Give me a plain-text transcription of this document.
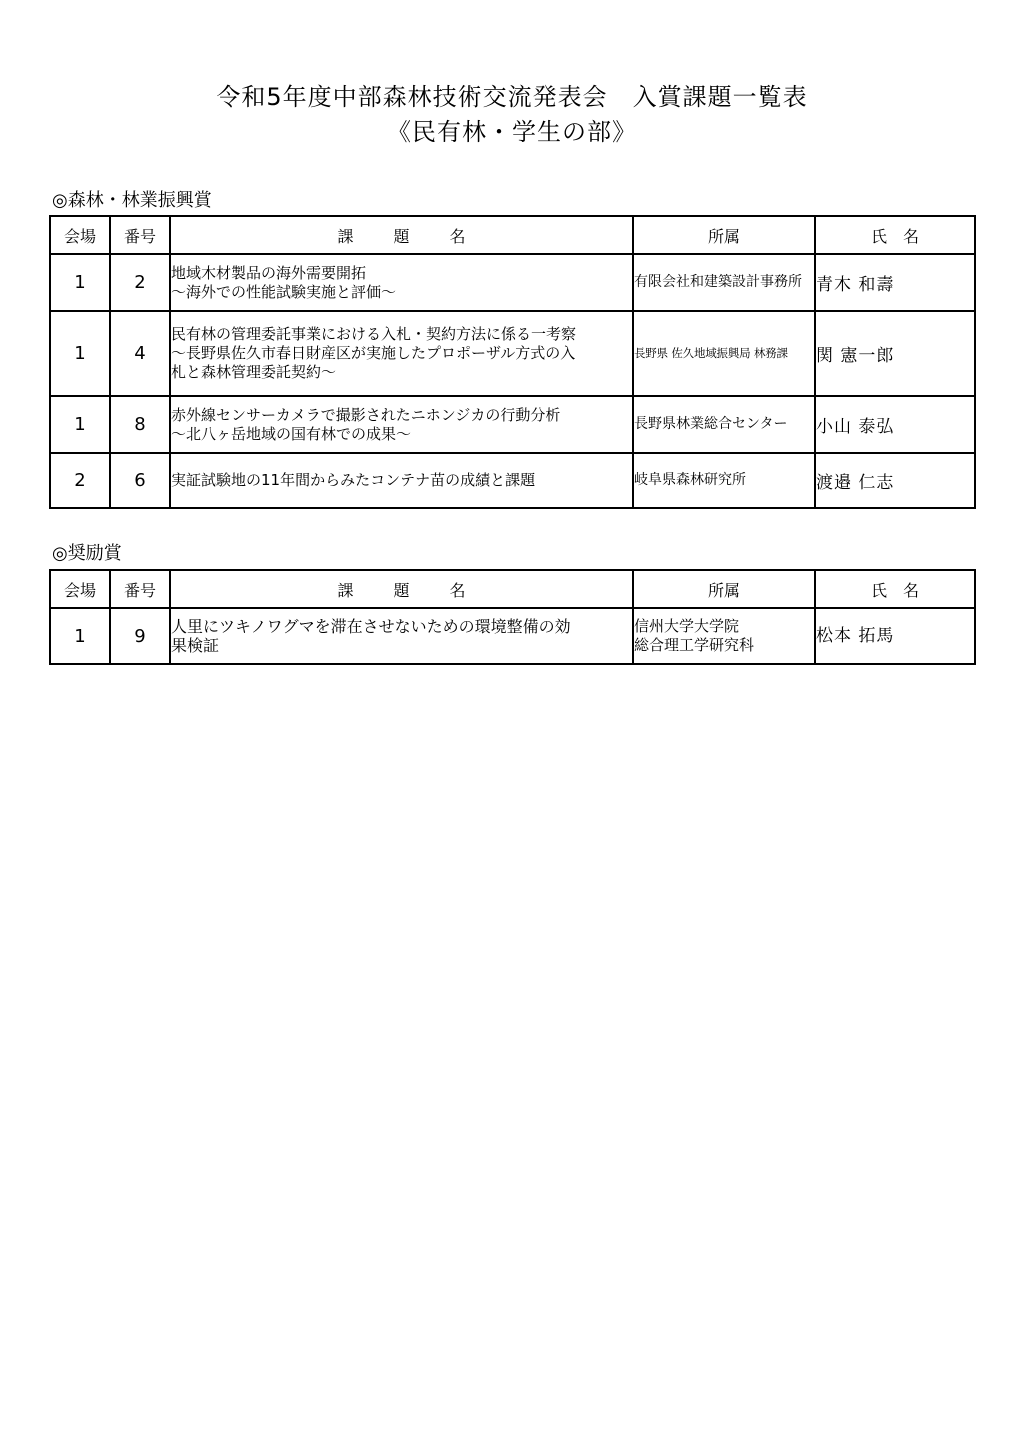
令和5年度中部森林技術交流発表会　入賞課題一覧表
《民有林・学生の部》
◎森林・林業振興賞
会場	番号	課題名	所属	氏名
1	2	地域木材製品の海外需要開拓
～海外での性能試験実施と評価～	有限会社和建築設計事務所	青木 和壽
1	4	民有林の管理委託事業における入札・契約方法に係る一考察
～長野県佐久市春日財産区が実施したプロポーザル方式の入
札と森林管理委託契約～	長野県 佐久地域振興局 林務課	関 憲一郎
1	8	赤外線センサーカメラで撮影されたニホンジカの行動分析
～北八ヶ岳地域の国有林での成果～	長野県林業総合センター	小山 泰弘
2	6	実証試験地の11年間からみたコンテナ苗の成績と課題	岐阜県森林研究所	渡邉 仁志
◎奨励賞
会場	番号	課題名	所属	氏名
1	9	人里にツキノワグマを滞在させないための環境整備の効
果検証	信州大学大学院
総合理工学研究科	松本 拓馬
